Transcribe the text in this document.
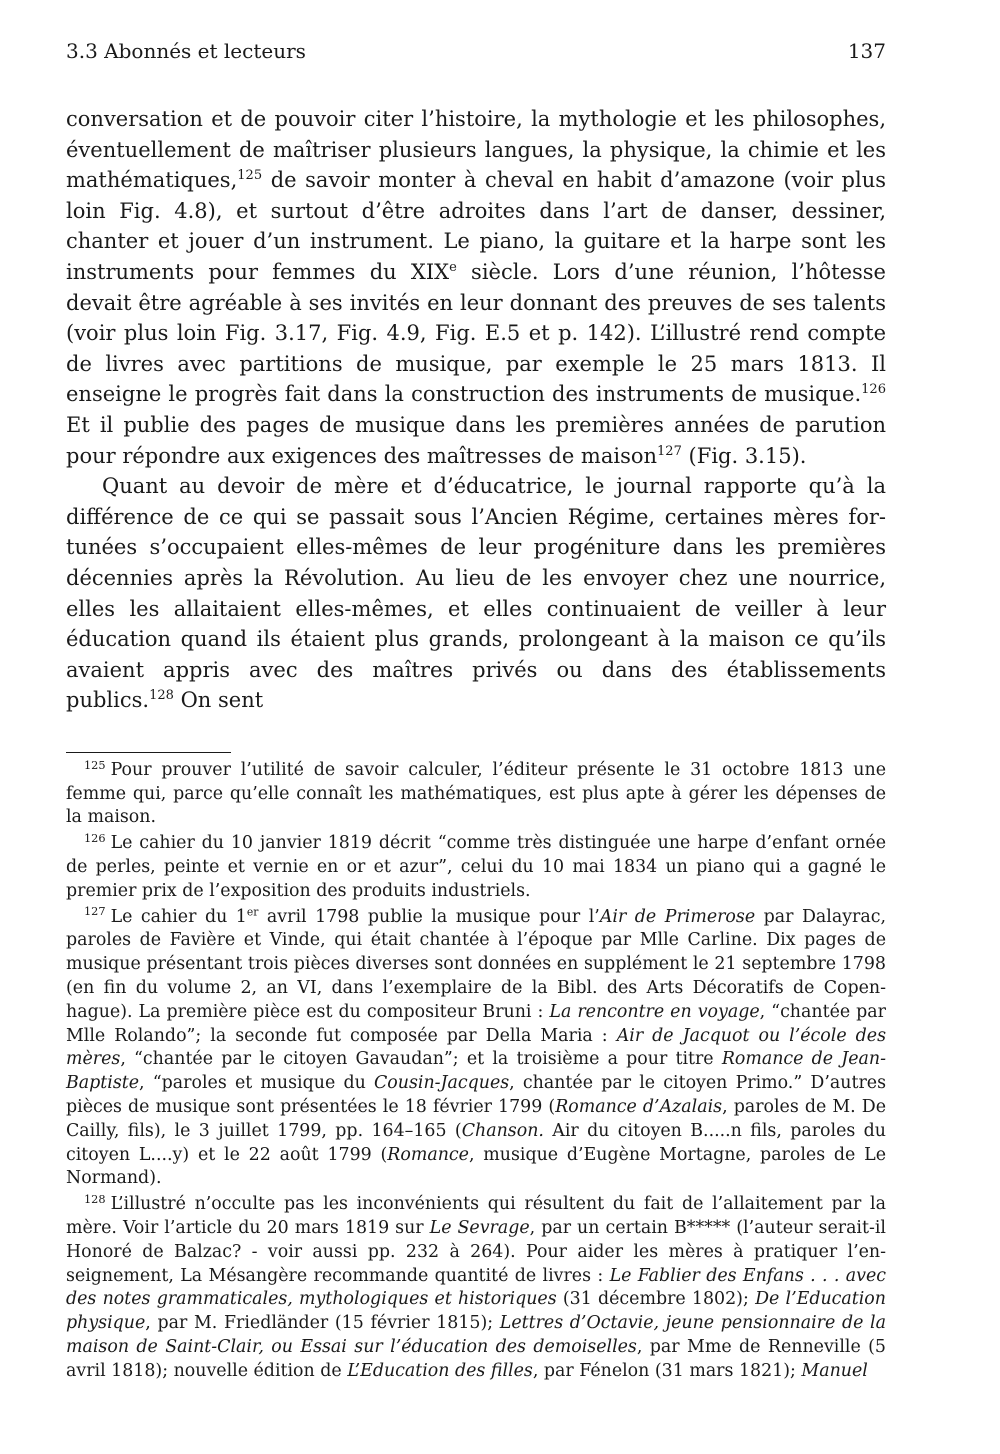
3.3 Abonnés et lecteurs	137

conversation et de pouvoir citer l’histoire, la mythologie et les philosophes, éventuellement de maîtriser plusieurs langues, la physique, la chimie et les mathématiques,$^{125}$ de savoir monter à cheval en habit d’amazone (voir plus loin Fig. 4.8), et surtout d’être adroites dans l’art de danser, dessiner, chanter et jouer d’un instrument. Le piano, la guitare et la harpe sont les instruments pour femmes du XIXe siècle. Lors d’une réunion, l’hôtesse devait être agréable à ses invités en leur donnant des preuves de ses talents (voir plus loin Fig. 3.17, Fig. 4.9, Fig. E.5 et p. 142). L’illustré rend compte de livres avec partitions de musique, par exemple le 25 mars 1813. Il enseigne le progrès fait dans la construction des instruments de musique.$^{126}$ Et il publie des pages de musique dans les premières années de parution pour répondre aux exigences des maîtresses de maison$^{127}$ (Fig. 3.15).

Quant au devoir de mère et d’éducatrice, le journal rapporte qu’à la différence de ce qui se passait sous l’Ancien Régime, certaines mères fortunées s’occupaient elles-mêmes de leur progéniture dans les premières décennies après la Révolution. Au lieu de les envoyer chez une nourrice, elles les allaitaient elles-mêmes, et elles continuaient de veiller à leur éducation quand ils étaient plus grands, prolongeant à la maison ce qu’ils avaient appris avec des maîtres privés ou dans des établissements publics.$^{128}$ On sent

$^{125}$ Pour prouver l’utilité de savoir calculer, l’éditeur présente le 31 octobre 1813 une femme qui, parce qu’elle connaît les mathématiques, est plus apte à gérer les dépenses de la maison.

$^{126}$ Le cahier du 10 janvier 1819 décrit “comme très distinguée une harpe d’enfant ornée de perles, peinte et vernie en or et azur”, celui du 10 mai 1834 un piano qui a gagné le premier prix de l’exposition des produits industriels.

$^{127}$ Le cahier du 1er avril 1798 publie la musique pour l’Air de Primerose par Dalayrac, paroles de Favière et Vinde, qui était chantée à l’époque par Mlle Carline. Dix pages de musique présentant trois pièces diverses sont données en supplément le 21 septembre 1798 (en fin du volume 2, an VI, dans l’exemplaire de la Bibl. des Arts Décoratifs de Copenhague). La première pièce est du compositeur Bruni : La rencontre en voyage, “chantée par Mlle Rolando”; la seconde fut composée par Della Maria : Air de Jacquot ou l’école des mères, “chantée par le citoyen Gavaudan”; et la troisième a pour titre Romance de Jean-Baptiste, “paroles et musique du Cousin-Jacques, chantée par le citoyen Primo.” D’autres pièces de musique sont présentées le 18 février 1799 (Romance d’Azalais, paroles de M. De Cailly, fils), le 3 juillet 1799, pp. 164–165 (Chanson. Air du citoyen B.....n fils, paroles du citoyen L....y) et le 22 août 1799 (Romance, musique d’Eugène Mortagne, paroles de Le Normand).

$^{128}$ L’illustré n’occulte pas les inconvénients qui résultent du fait de l’allaitement par la mère. Voir l’article du 20 mars 1819 sur Le Sevrage, par un certain B***** (l’auteur serait-il Honoré de Balzac? - voir aussi pp. 232 à 264). Pour aider les mères à pratiquer l’enseignement, La Mésangère recommande quantité de livres : Le Fablier des Enfans . . . avec des notes grammaticales, mythologiques et historiques (31 décembre 1802); De l’Education physique, par M. Friedländer (15 février 1815); Lettres d’Octavie, jeune pensionnaire de la maison de Saint-Clair, ou Essai sur l’éducation des demoiselles, par Mme de Renneville (5 avril 1818); nouvelle édition de L’Education des filles, par Fénelon (31 mars 1821); Manuel
